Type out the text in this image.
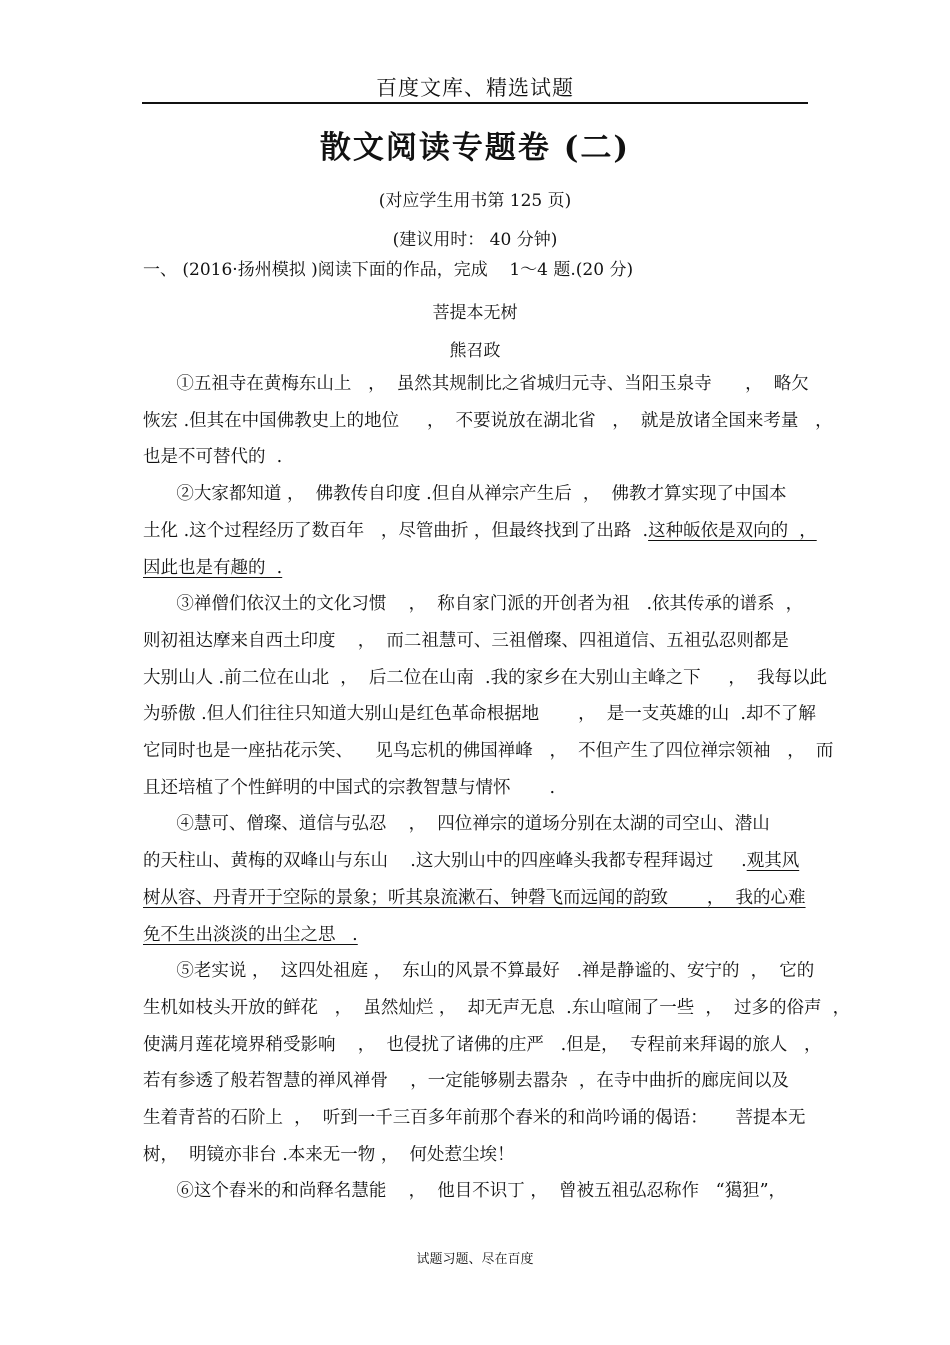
百度文库、精选试题
散文阅读专题卷 (二)
(对应学生用书第 125 页)
(建议用时： 40 分钟)
一、 (2016·扬州模拟 )阅读下面的作品，完成    1～4 题.(20 分)
菩提本无树
熊召政
①五祖寺在黄梅东山上   ，  虽然其规制比之省城归元寺、当阳玉泉寺      ，  略欠
恢宏 .但其在中国佛教史上的地位     ，  不要说放在湖北省   ，  就是放诸全国来考量   ，
也是不可替代的  .
②大家都知道 ，  佛教传自印度 .但自从禅宗产生后  ，  佛教才算实现了中国本
土化 .这个过程经历了数百年   ，尽管曲折 ，但最终找到了出路  .这种皈依是双向的  ，
因此也是有趣的  .
③禅僧们依汉土的文化习惯    ，  称自家门派的开创者为祖   .依其传承的谱系  ，
则初祖达摩来自西土印度    ，  而二祖慧可、三祖僧璨、四祖道信、五祖弘忍则都是
大别山人 .前二位在山北  ，  后二位在山南  .我的家乡在大别山主峰之下     ，  我每以此
为骄傲 .但人们往往只知道大别山是红色革命根据地       ，  是一支英雄的山  .却不了解
它同时也是一座拈花示笑、    见鸟忘机的佛国禅峰   ，  不但产生了四位禅宗领袖   ，  而
且还培植了个性鲜明的中国式的宗教智慧与情怀       .
④慧可、僧璨、道信与弘忍    ，  四位禅宗的道场分别在太湖的司空山、潜山
的天柱山、黄梅的双峰山与东山    .这大别山中的四座峰头我都专程拜谒过     .观其风
树从容、丹青开于空际的景象；听其泉流漱石、钟磬飞而远闻的韵致       ，  我的心难
免不生出淡淡的出尘之思   .
⑤老实说 ，  这四处祖庭 ，  东山的风景不算最好   .禅是静谧的、安宁的  ，  它的
生机如枝头开放的鲜花   ，  虽然灿烂 ，  却无声无息  .东山喧闹了一些  ，  过多的俗声  ，
使满月莲花境界稍受影响    ，  也侵扰了诸佛的庄严   .但是，  专程前来拜谒的旅人   ，
若有参透了般若智慧的禅风禅骨    ，一定能够剔去嚣杂  ，在寺中曲折的廊庑间以及
生着青苔的石阶上  ，  听到一千三百多年前那个舂米的和尚吟诵的偈语：     菩提本无
树，  明镜亦非台 .本来无一物 ，  何处惹尘埃！
⑥这个舂米的和尚释名慧能    ，  他目不识丁 ，  曾被五祖弘忍称作   “獦狚”，
试题习题、尽在百度
